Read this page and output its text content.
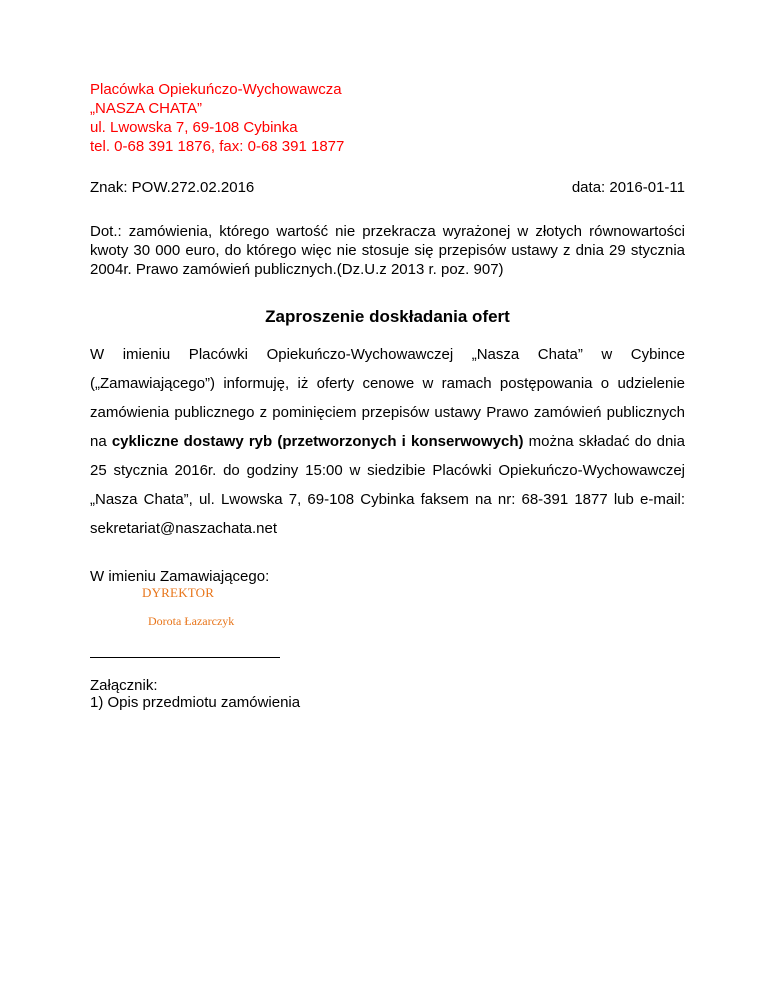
Placówka Opiekuńczo-Wychowawcza
„NASZA CHATA”
ul. Lwowska 7, 69-108 Cybinka
tel. 0-68 391 1876, fax: 0-68 391 1877
Znak: POW.272.02.2016	data: 2016-01-11
Dot.: zamówienia, którego wartość nie przekracza wyrażonej w złotych równowartości kwoty 30 000 euro, do którego więc nie stosuje się przepisów ustawy z dnia 29 stycznia 2004r. Prawo zamówień publicznych.(Dz.U.z 2013 r. poz. 907)
Zaproszenie doskładania ofert
W imieniu Placówki Opiekuńczo-Wychowawczej „Nasza Chata” w Cybince („Zamawiającego”) informuję, iż oferty cenowe w ramach postępowania o udzielenie zamówienia publicznego z pominięciem przepisów ustawy Prawo zamówień publicznych na cykliczne dostawy ryb (przetworzonych i konserwowych) można składać do dnia 25 stycznia 2016r. do godziny 15:00 w siedzibie Placówki Opiekuńczo-Wychowawczej „Nasza Chata”, ul. Lwowska 7, 69-108 Cybinka faksem na nr: 68-391 1877 lub e-mail: sekretariat@naszachata.net
W imieniu Zamawiającego:
DYREKTOR
Dorota Łazarczyk
Załącznik:
1) Opis przedmiotu zamówienia
